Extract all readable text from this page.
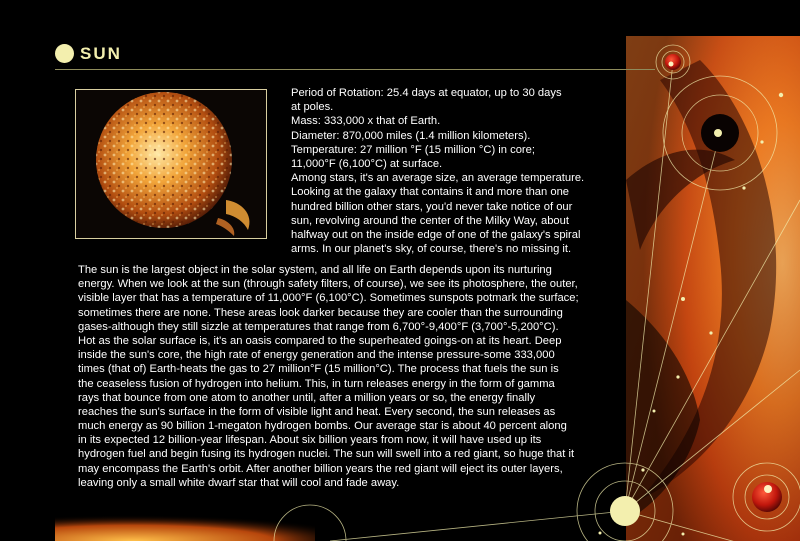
SUN
Period of Rotation: 25.4 days at equator, up to 30 days
at poles.
Mass: 333,000 x that of Earth.
Diameter: 870,000 miles (1.4 million kilometers).
Temperature: 27 million °F (15 million °C) in core;
11,000°F (6,100°C) at surface.
Among stars, it's an average size, an average temperature.
Looking at the galaxy that contains it and more than one
hundred billion other stars, you'd never take notice of our
sun, revolving around the center of the Milky Way, about
halfway out on the inside edge of one of the galaxy's spiral
arms. In our planet's sky, of course, there's no missing it.
The sun is the largest object in the solar system, and all life on Earth depends upon its nurturing
energy. When we look at the sun (through safety filters, of course), we see its photosphere, the outer,
visible layer that has a temperature of 11,000°F (6,100°C). Sometimes sunspots potmark the surface;
sometimes there are none. These areas look darker because they are cooler than the surrounding
gases-although they still sizzle at temperatures that range from 6,700°-9,400°F (3,700°-5,200°C).
Hot as the solar surface is, it's an oasis compared to the superheated goings-on at its heart. Deep
inside the sun's core, the high rate of energy generation and the intense pressure-some 333,000
times (that of) Earth-heats the gas to 27 million°F (15 million°C). The process that fuels the sun is
the ceaseless fusion of hydrogen into helium. This, in turn releases energy in the form of gamma
rays that bounce from one atom to another until, after a million years or so, the energy finally
reaches the sun's surface in the form of visible light and heat. Every second, the sun releases as
much energy as 90 billion 1-megaton hydrogen bombs. Our average star is about 40 percent along
in its expected 12 billion-year lifespan. About six billion years from now, it will have used up its
hydrogen fuel and begin fusing its hydrogen nuclei. The sun will swell into a red giant, so huge that it
may encompass the Earth's orbit. After another billion years the red giant will eject its outer layers,
leaving only a small white dwarf star that will cool and fade away.
